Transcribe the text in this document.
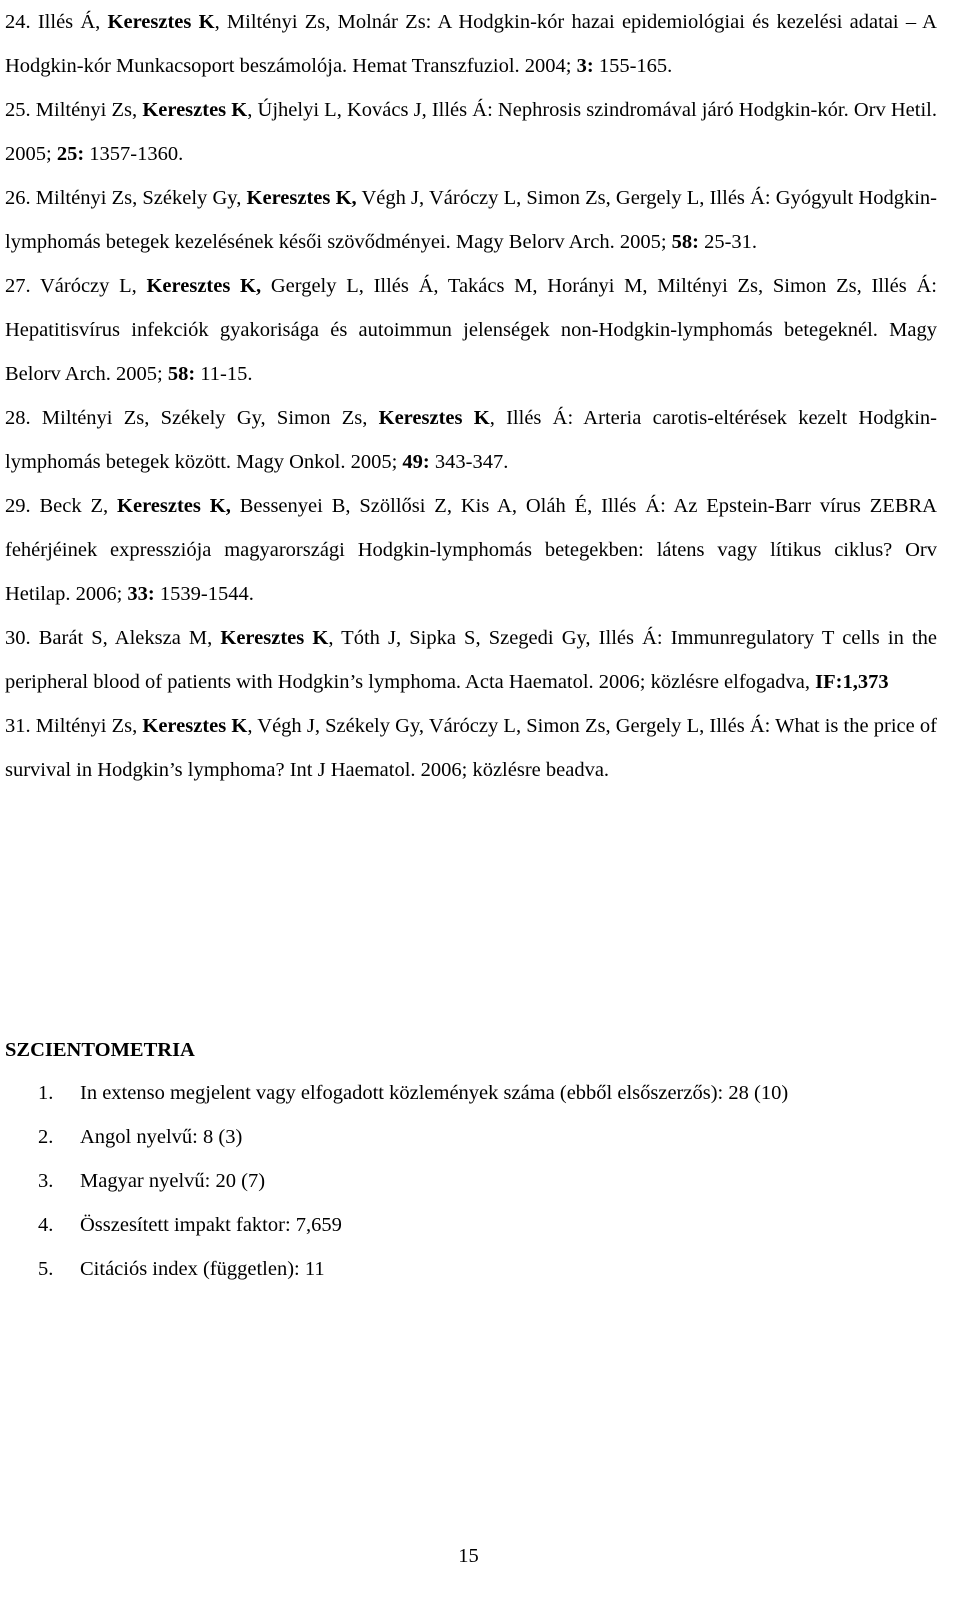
24. Illés Á, Keresztes K, Miltényi Zs, Molnár Zs: A Hodgkin-kór hazai epidemiológiai és kezelési adatai – A Hodgkin-kór Munkacsoport beszámolója. Hemat Transzfuziol. 2004; 3: 155-165.

25. Miltényi Zs, Keresztes K, Újhelyi L, Kovács J, Illés Á: Nephrosis szindromával járó Hodgkin-kór. Orv Hetil. 2005; 25: 1357-1360.

26. Miltényi Zs, Székely Gy, Keresztes K, Végh J, Váróczy L, Simon Zs, Gergely L, Illés Á: Gyógyult Hodgkin-lymphomás betegek kezelésének késői szövődményei. Magy Belorv Arch. 2005; 58: 25-31.

27. Váróczy L, Keresztes K, Gergely L, Illés Á, Takács M, Horányi M, Miltényi Zs, Simon Zs, Illés Á: Hepatitisvírus infekciók gyakorisága és autoimmun jelenségek non-Hodgkin-lymphomás betegeknél. Magy Belorv Arch. 2005; 58: 11-15.

28. Miltényi Zs, Székely Gy, Simon Zs, Keresztes K, Illés Á: Arteria carotis-eltérések kezelt Hodgkin-lymphomás betegek között. Magy Onkol. 2005; 49: 343-347.

29. Beck Z, Keresztes K, Bessenyei B, Szöllősi Z, Kis A, Oláh É, Illés Á: Az Epstein-Barr vírus ZEBRA fehérjéinek expressziója magyarországi Hodgkin-lymphomás betegekben: látens vagy lítikus ciklus? Orv Hetilap. 2006; 33: 1539-1544.

30. Barát S, Aleksza M, Keresztes K, Tóth J, Sipka S, Szegedi Gy, Illés Á: Immunregulatory T cells in the peripheral blood of patients with Hodgkin’s lymphoma. Acta Haematol. 2006; közlésre elfogadva, IF:1,373

31. Miltényi Zs, Keresztes K, Végh J, Székely Gy, Váróczy L, Simon Zs, Gergely L, Illés Á: What is the price of survival in Hodgkin’s lymphoma? Int J Haematol. 2006; közlésre beadva.

SZCIENTOMETRIA
1. In extenso megjelent vagy elfogadott közlemények száma (ebből elsőszerzős): 28 (10)
2. Angol nyelvű: 8 (3)
3. Magyar nyelvű: 20 (7)
4. Összesített impakt faktor: 7,659
5. Citációs index (független): 11
15
